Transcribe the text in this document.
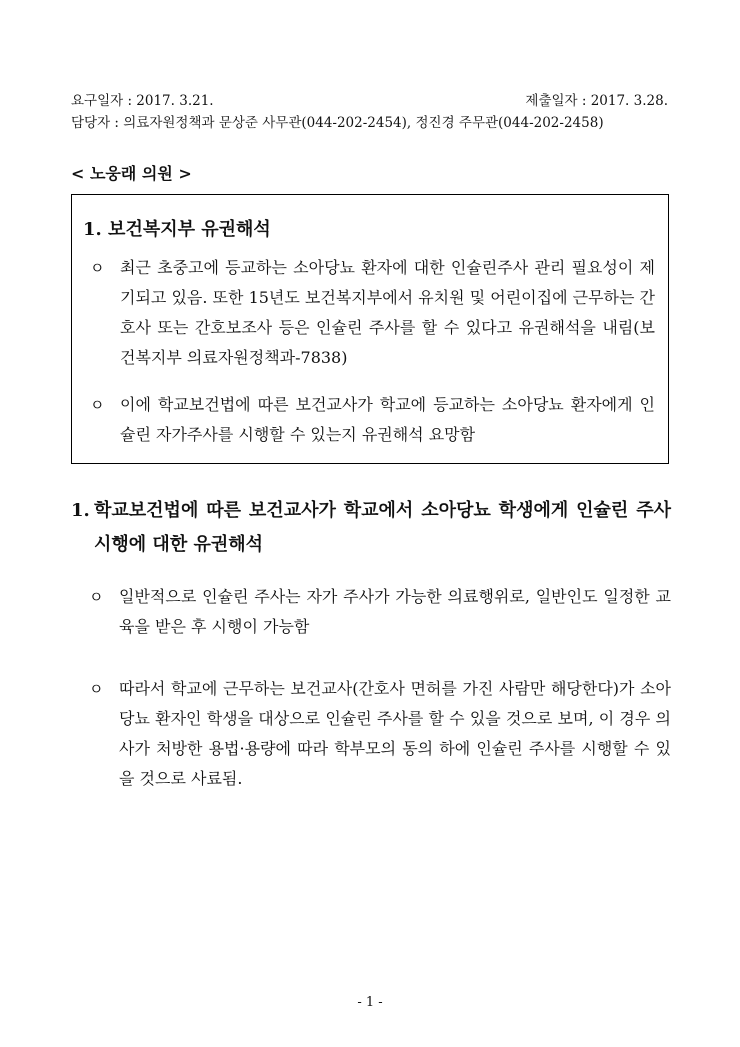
요구일자 : 2017. 3.21.	제출일자 : 2017. 3.28.
담당자 : 의료자원정책과 문상준 사무관(044-202-2454), 정진경 주무관(044-202-2458)
< 노웅래 의원 >
1. 보건복지부 유권해석
ㅇ 최근 초중고에 등교하는 소아당뇨 환자에 대한 인슐린주사 관리 필요성이 제기되고 있음. 또한 15년도 보건복지부에서 유치원 및 어린이집에 근무하는 간호사 또는 간호보조사 등은 인슐린 주사를 할 수 있다고 유권해석을 내림(보건복지부 의료자원정책과-7838)
ㅇ 이에 학교보건법에 따른 보건교사가 학교에 등교하는 소아당뇨 환자에게 인슐린 자가주사를 시행할 수 있는지 유권해석 요망함
1. 학교보건법에 따른 보건교사가 학교에서 소아당뇨 학생에게 인슐린 주사 시행에 대한 유권해석
ㅇ 일반적으로 인슐린 주사는 자가 주사가 가능한 의료행위로, 일반인도 일정한 교육을 받은 후 시행이 가능함
ㅇ 따라서 학교에 근무하는 보건교사(간호사 면허를 가진 사람만 해당한다)가 소아당뇨 환자인 학생을 대상으로 인슐린 주사를 할 수 있을 것으로 보며, 이 경우 의사가 처방한 용법·용량에 따라 학부모의 동의 하에 인슐린 주사를 시행할 수 있을 것으로 사료됨.
- 1 -
